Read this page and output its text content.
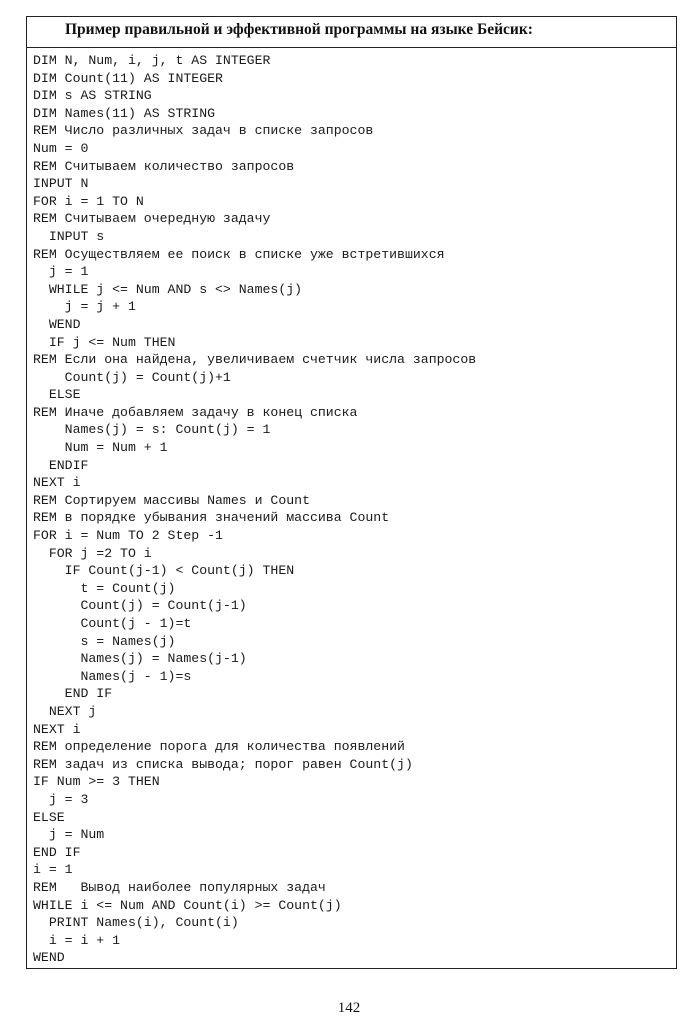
Пример правильной и эффективной программы на языке Бейсик:
DIM N, Num, i, j, t AS INTEGER
DIM Count(11) AS INTEGER
DIM s AS STRING
DIM Names(11) AS STRING
REM Число различных задач в списке запросов
Num = 0
REM Считываем количество запросов
INPUT N
FOR i = 1 TO N
REM Считываем очередную задачу
INPUT s
REM Осуществляем ее поиск в списке уже встретившихся
j = 1
WHILE j <= Num AND s <> Names(j)
j = j + 1
WEND
IF j <= Num THEN
REM Если она найдена, увеличиваем счетчик числа запросов
Count(j) = Count(j)+1
ELSE
REM Иначе добавляем задачу в конец списка
Names(j) = s: Count(j) = 1
Num = Num + 1
ENDIF
NEXT i
REM Сортируем массивы Names и Count
REM в порядке убывания значений массива Count
FOR i = Num TO 2 Step -1
FOR j =2 TO i
IF Count(j-1) < Count(j) THEN
t = Count(j)
Count(j) = Count(j-1)
Count(j - 1)=t
s = Names(j)
Names(j) = Names(j-1)
Names(j - 1)=s
END IF
NEXT j
NEXT i
REM определение порога для количества появлений
REM задач из списка вывода; порог равен Count(j)
IF Num >= 3 THEN
j = 3
ELSE
j = Num
END IF
i = 1
REM   Вывод наиболее популярных задач
WHILE i <= Num AND Count(i) >= Count(j)
PRINT Names(i), Count(i)
i = i + 1
WEND
142
